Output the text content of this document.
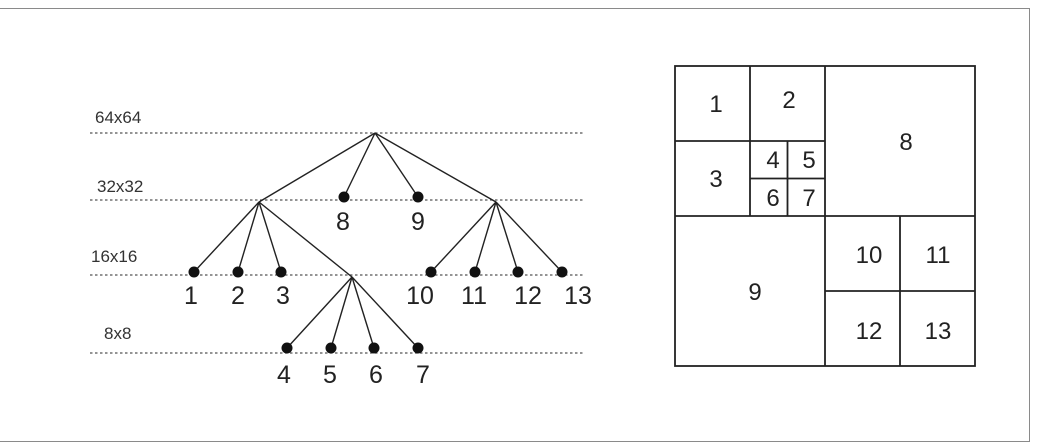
64x64
32x32
16x16
8x8
8 9
1 2 3	10 11 12 13
4 5 6 7
1 2
3
4 5
6 7
8
9
10 11
12 13
